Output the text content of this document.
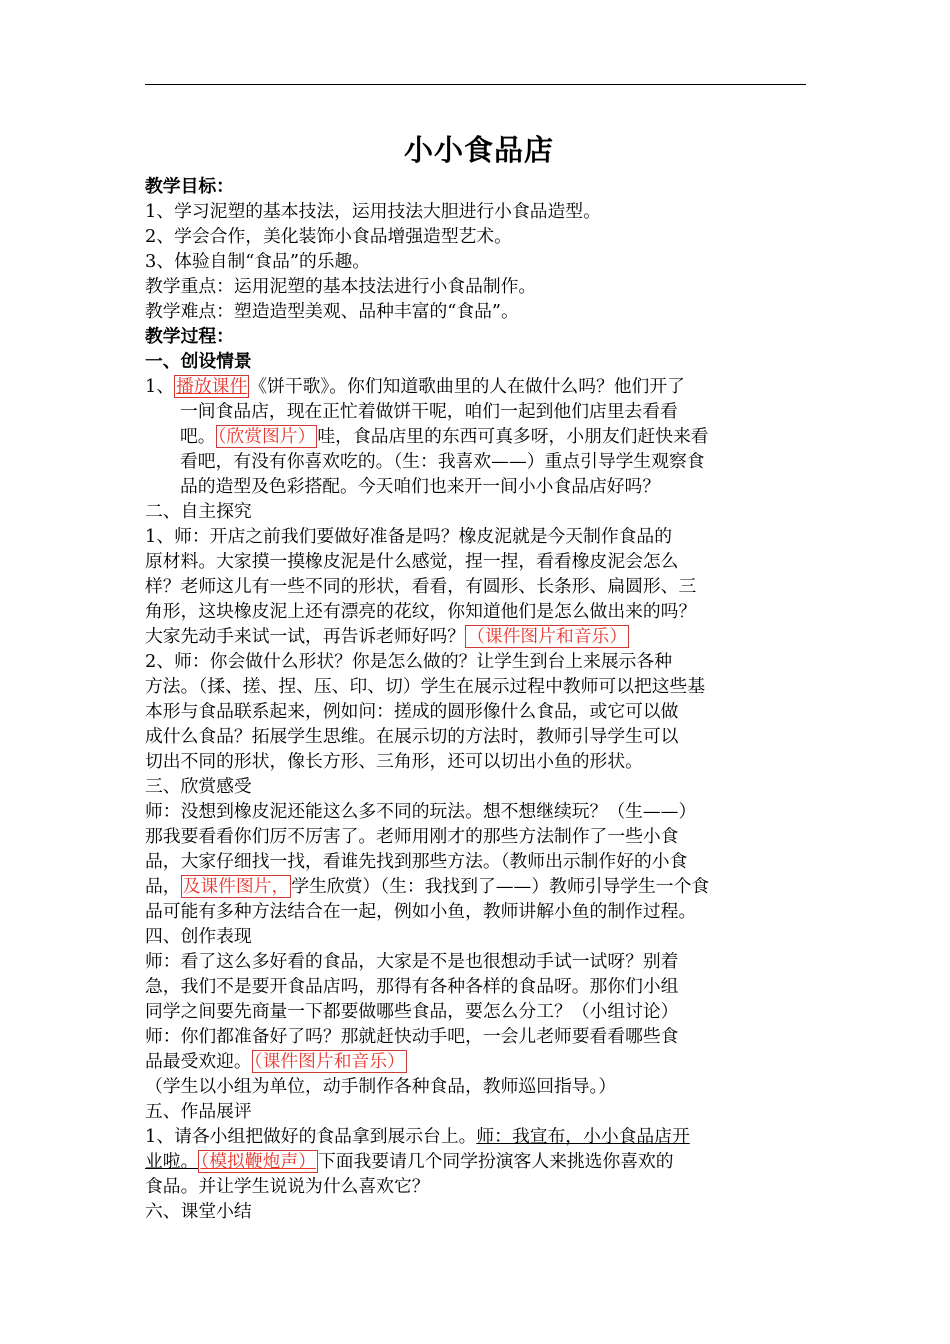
小小食品店

教学目标：

1、学习泥塑的基本技法，运用技法大胆进行小食品造型。

2、学会合作，美化装饰小食品增强造型艺术。

3、体验自制“食品”的乐趣。

教学重点：运用泥塑的基本技法进行小食品制作。

教学难点：塑造造型美观、品种丰富的“食品”。

教学过程：

一、创设情景

1、 播放课件 《饼干歌》。你们知道歌曲里的人在做什么吗？他们开了

一间食品店，现在正忙着做饼干呢，咱们一起到他们店里去看看

吧。 （欣赏图片） 哇，食品店里的东西可真多呀，小朋友们赶快来看

看吧，有没有你喜欢吃的。（生：我喜欢——）重点引导学生观察食

品的造型及色彩搭配。今天咱们也来开一间小小食品店好吗？

二、自主探究

1、师：开店之前我们要做好准备是吗？橡皮泥就是今天制作食品的

原材料。大家摸一摸橡皮泥是什么感觉，捏一捏，看看橡皮泥会怎么

样？老师这儿有一些不同的形状，看看，有圆形、长条形、扁圆形、三

角形，这块橡皮泥上还有漂亮的花纹，你知道他们是怎么做出来的吗？

大家先动手来试一试，再告诉老师好吗？ （课件图片和音乐）

2、师：你会做什么形状？你是怎么做的？让学生到台上来展示各种

方法。（揉、搓、捏、压、印、切）学生在展示过程中教师可以把这些基

本形与食品联系起来，例如问：搓成的圆形像什么食品，或它可以做

成什么食品？拓展学生思维。在展示切的方法时，教师引导学生可以

切出不同的形状，像长方形、三角形，还可以切出小鱼的形状。

三、欣赏感受

师：没想到橡皮泥还能这么多不同的玩法。想不想继续玩？（生——）

那我要看看你们厉不厉害了。老师用刚才的那些方法制作了一些小食

品，大家仔细找一找，看谁先找到那些方法。（教师出示制作好的小食

品， 及课件图片， 学生欣赏）（生：我找到了——）教师引导学生一个食

品可能有多种方法结合在一起，例如小鱼，教师讲解小鱼的制作过程。

四、创作表现

师：看了这么多好看的食品，大家是不是也很想动手试一试呀？别着

急，我们不是要开食品店吗，那得有各种各样的食品呀。那你们小组

同学之间要先商量一下都要做哪些食品，要怎么分工？（小组讨论）

师：你们都准备好了吗？那就赶快动手吧，一会儿老师要看看哪些食

品最受欢迎。 （课件图片和音乐）

（学生以小组为单位，动手制作各种食品，教师巡回指导。）

五、作品展评

1、请各小组把做好的食品拿到展示台上。师：我宣布，小小食品店开

业啦。 （模拟鞭炮声） 下面我要请几个同学扮演客人来挑选你喜欢的

食品。并让学生说说为什么喜欢它？

六、课堂小结
